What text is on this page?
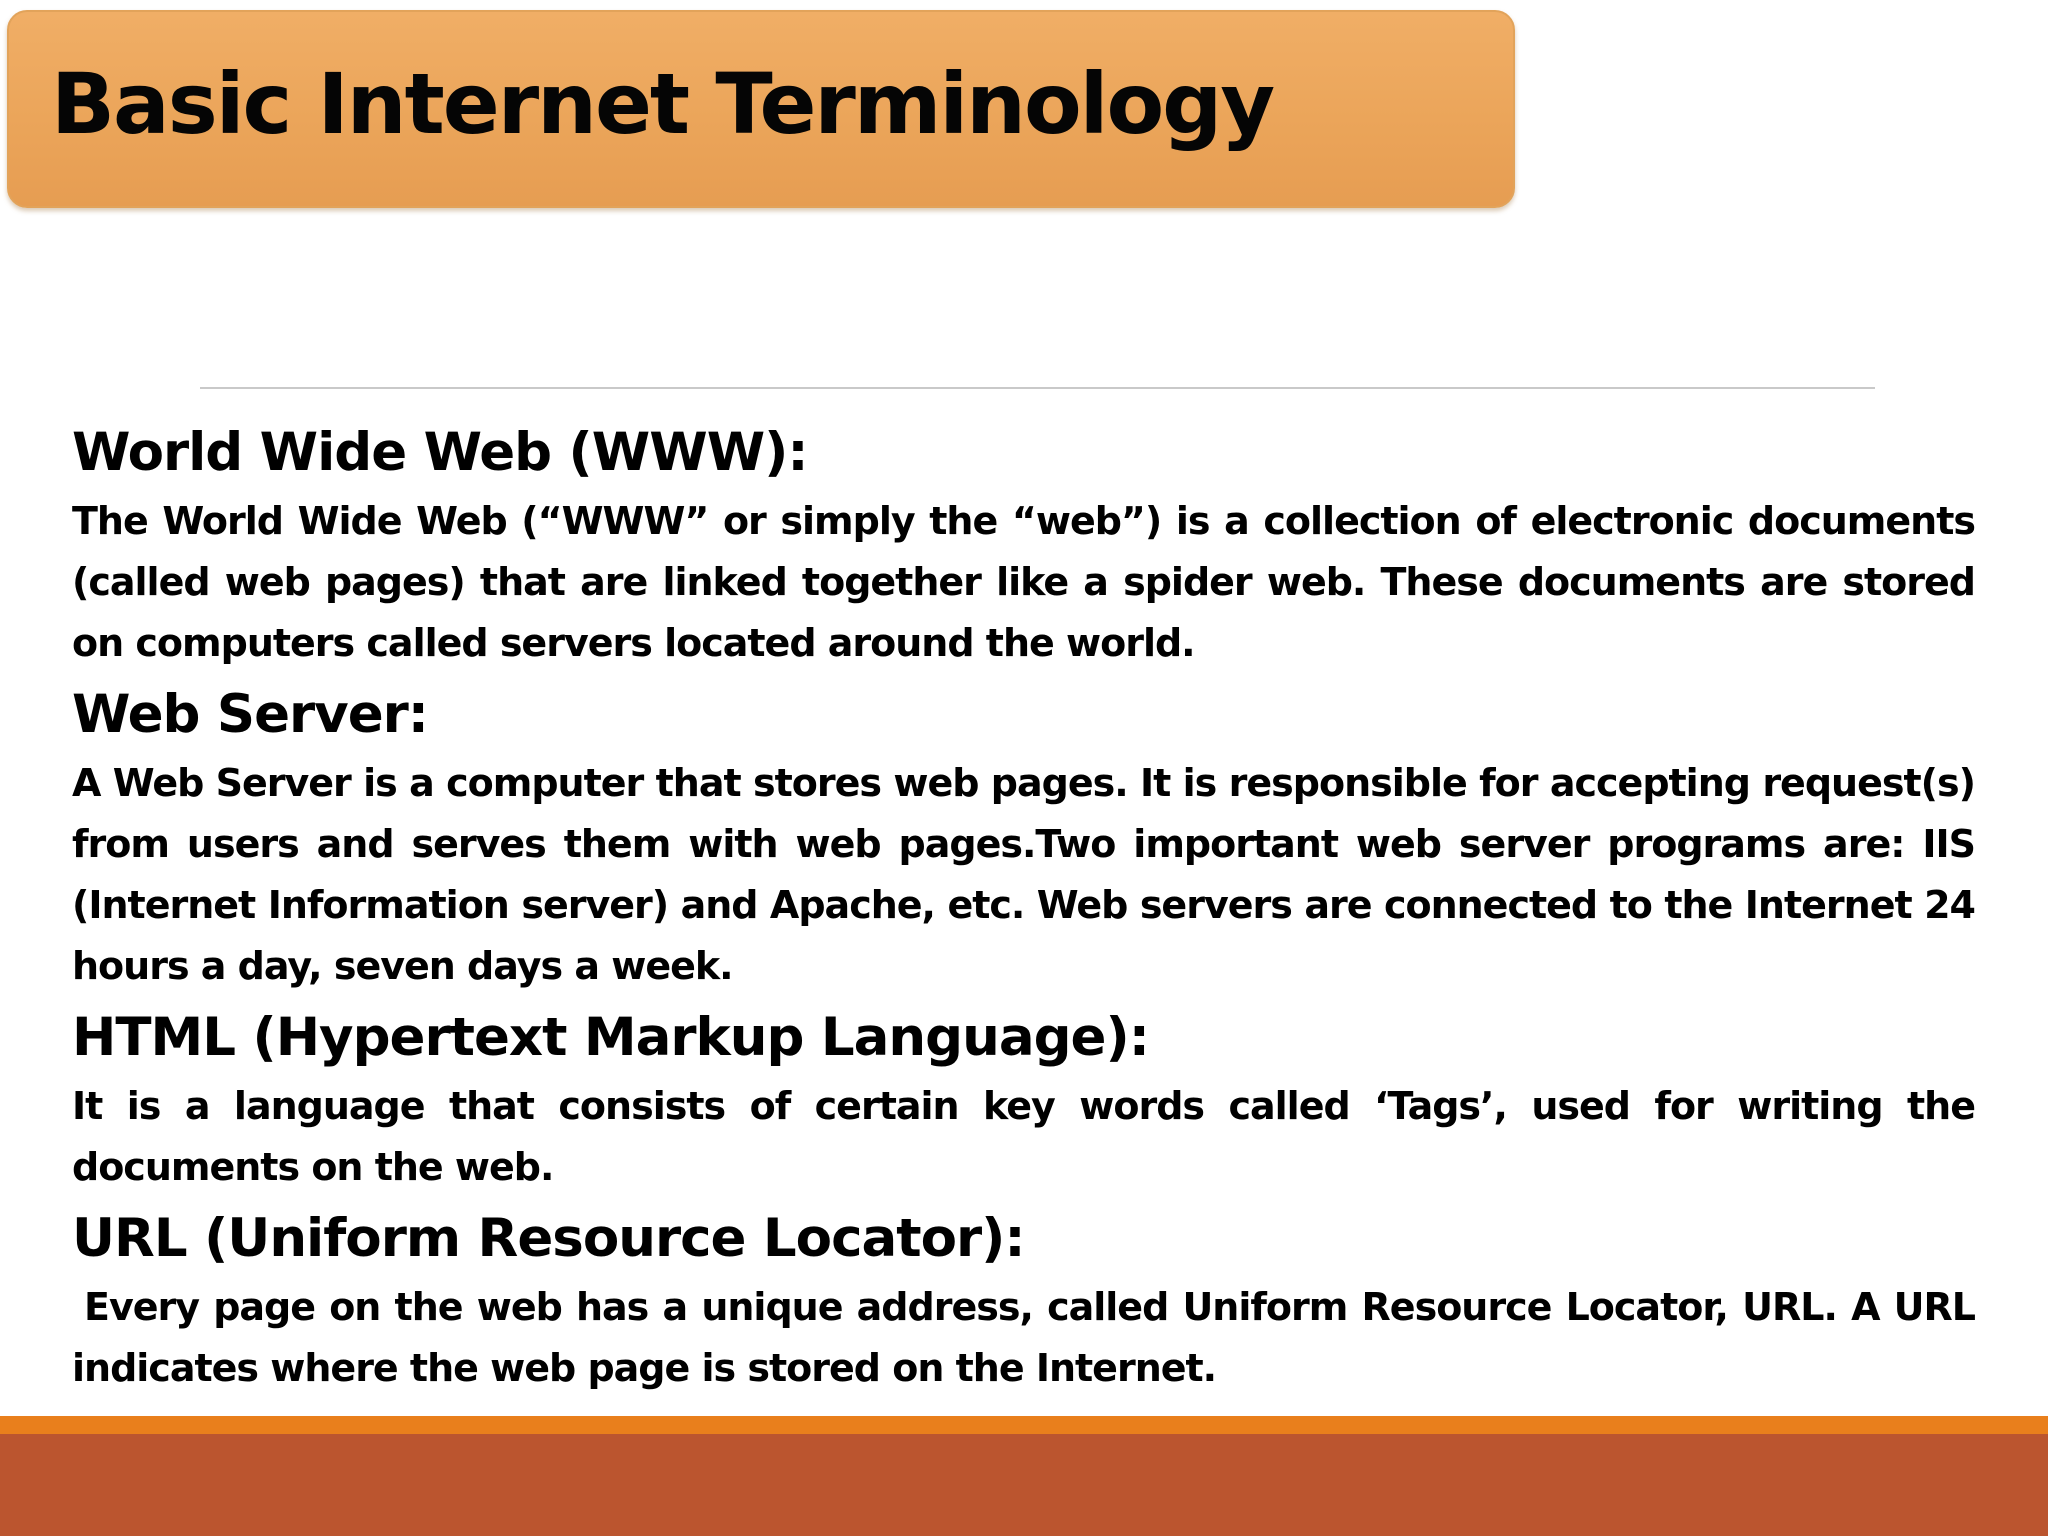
Basic Internet Terminology
World Wide Web (WWW):

The World Wide Web (“WWW” or simply the “web”) is a collection of electronic documents (called web pages) that are linked together like a spider web. These documents are stored on computers called servers located around the world.

Web Server:

A Web Server is a computer that stores web pages. It is responsible for accepting request(s) from users and serves them with web pages.Two important web server programs are: IIS (Internet Information server) and Apache, etc. Web servers are connected to the Internet 24 hours a day, seven days a week.

HTML (Hypertext Markup Language):

It is a language that consists of certain key words called ‘Tags’, used for writing the documents on the web.

URL (Uniform Resource Locator):

Every page on the web has a unique address, called Uniform Resource Locator, URL. A URL indicates where the web page is stored on the Internet.
